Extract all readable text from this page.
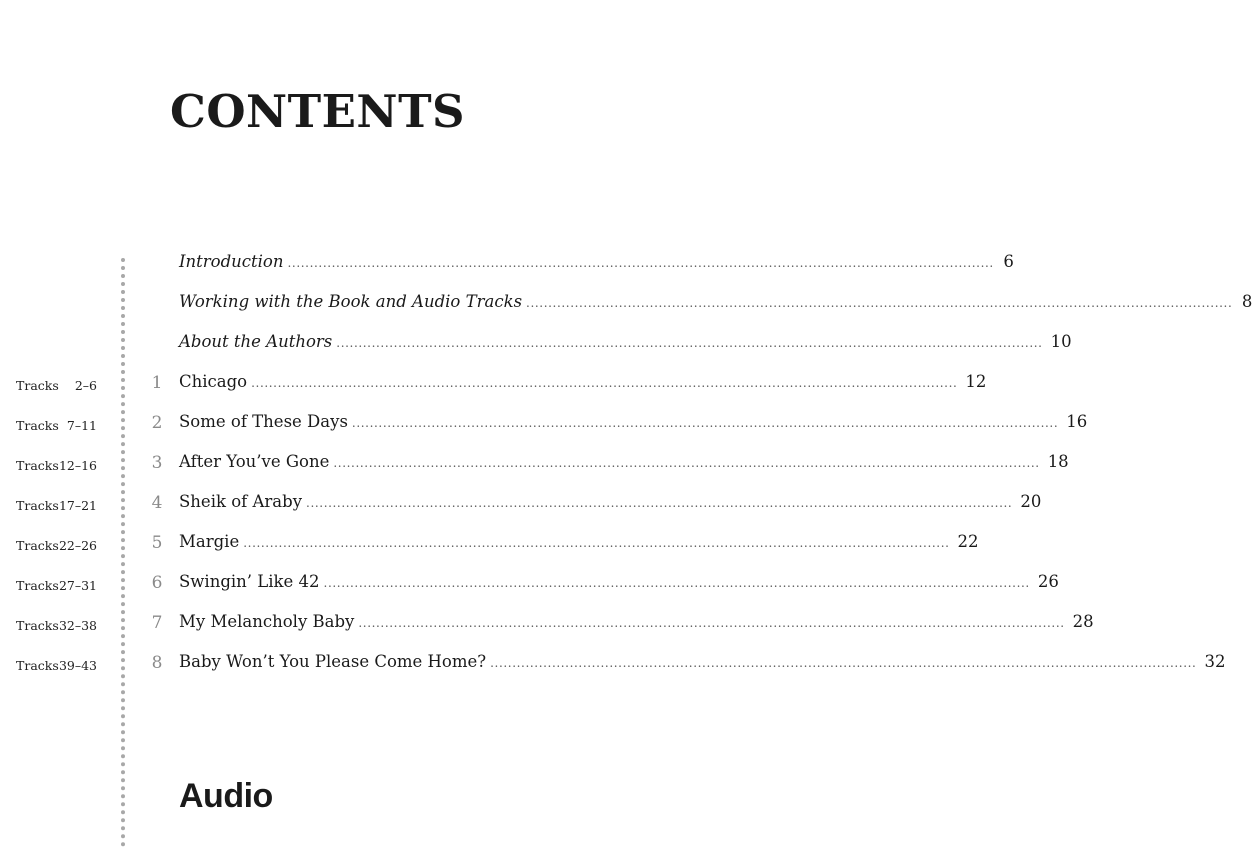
CONTENTS
Introduction ................................................................................................................................................................ 6
Working with the Book and Audio Tracks ................................................................................................................................................................ 8
About the Authors ................................................................................................................................................................ 10
Tracks 2–6	1 Chicago ................................................................................................................................................................ 12
Tracks 7–11	2 Some of These Days ................................................................................................................................................................ 16
Tracks 12–16	3 After You’ve Gone ................................................................................................................................................................ 18
Tracks 17–21	4 Sheik of Araby ................................................................................................................................................................ 20
Tracks 22–26	5 Margie ................................................................................................................................................................ 22
Tracks 27–31	6 Swingin’ Like 42 ................................................................................................................................................................ 26
Tracks 32–38	7 My Melancholy Baby ................................................................................................................................................................ 28
Tracks 39–43	8 Baby Won’t You Please Come Home? ................................................................................................................................................................ 32
Audio
